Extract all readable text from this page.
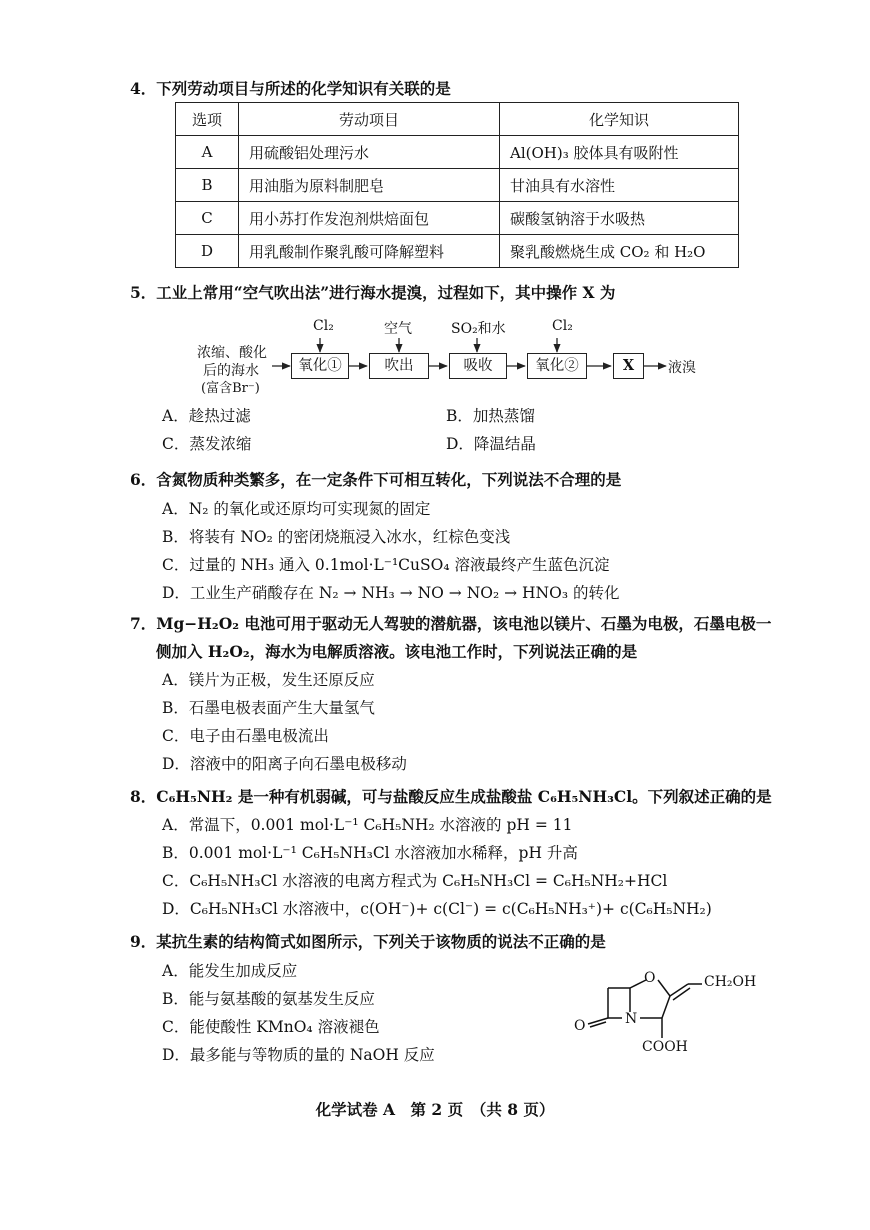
4．下列劳动项目与所述的化学知识有关联的是
选项	劳动项目	化学知识
A	用硫酸铝处理污水	Al(OH)₃ 胶体具有吸附性
B	用油脂为原料制肥皂	甘油具有水溶性
C	用小苏打作发泡剂烘焙面包	碳酸氢钠溶于水吸热
D	用乳酸制作聚乳酸可降解塑料	聚乳酸燃烧生成 CO₂ 和 H₂O
5．工业上常用“空气吹出法”进行海水提溴，过程如下，其中操作 X 为
浓缩、酸化
后的海水
(富含Br⁻)
Cl₂	空气	SO₂和水	Cl₂
氧化①	吹出	吸收	氧化②	X	液溴
A．趁热过滤	B．加热蒸馏
C．蒸发浓缩	D．降温结晶
6．含氮物质种类繁多，在一定条件下可相互转化，下列说法不合理的是
A．N₂ 的氧化或还原均可实现氮的固定
B．将装有 NO₂ 的密闭烧瓶浸入冰水，红棕色变浅
C．过量的 NH₃ 通入 0.1mol·L⁻¹CuSO₄ 溶液最终产生蓝色沉淀
D．工业生产硝酸存在 N₂ → NH₃ → NO → NO₂ → HNO₃ 的转化
7．Mg−H₂O₂ 电池可用于驱动无人驾驶的潜航器，该电池以镁片、石墨为电极，石墨电极一
侧加入 H₂O₂，海水为电解质溶液。该电池工作时，下列说法正确的是
A．镁片为正极，发生还原反应
B．石墨电极表面产生大量氢气
C．电子由石墨电极流出
D．溶液中的阳离子向石墨电极移动
8．C₆H₅NH₂ 是一种有机弱碱，可与盐酸反应生成盐酸盐 C₆H₅NH₃Cl。下列叙述正确的是
A．常温下，0.001 mol·L⁻¹ C₆H₅NH₂ 水溶液的 pH = 11
B．0.001 mol·L⁻¹ C₆H₅NH₃Cl 水溶液加水稀释，pH 升高
C．C₆H₅NH₃Cl 水溶液的电离方程式为 C₆H₅NH₃Cl = C₆H₅NH₂+HCl
D．C₆H₅NH₃Cl 水溶液中，c(OH⁻)+ c(Cl⁻) = c(C₆H₅NH₃⁺)+ c(C₆H₅NH₂)
9．某抗生素的结构简式如图所示，下列关于该物质的说法不正确的是
A．能发生加成反应
B．能与氨基酸的氨基发生反应
C．能使酸性 KMnO₄ 溶液褪色
D．最多能与等物质的量的 NaOH 反应
O	CH₂OH
N
O
COOH
化学试卷 A　第 2 页　（共 8 页）
